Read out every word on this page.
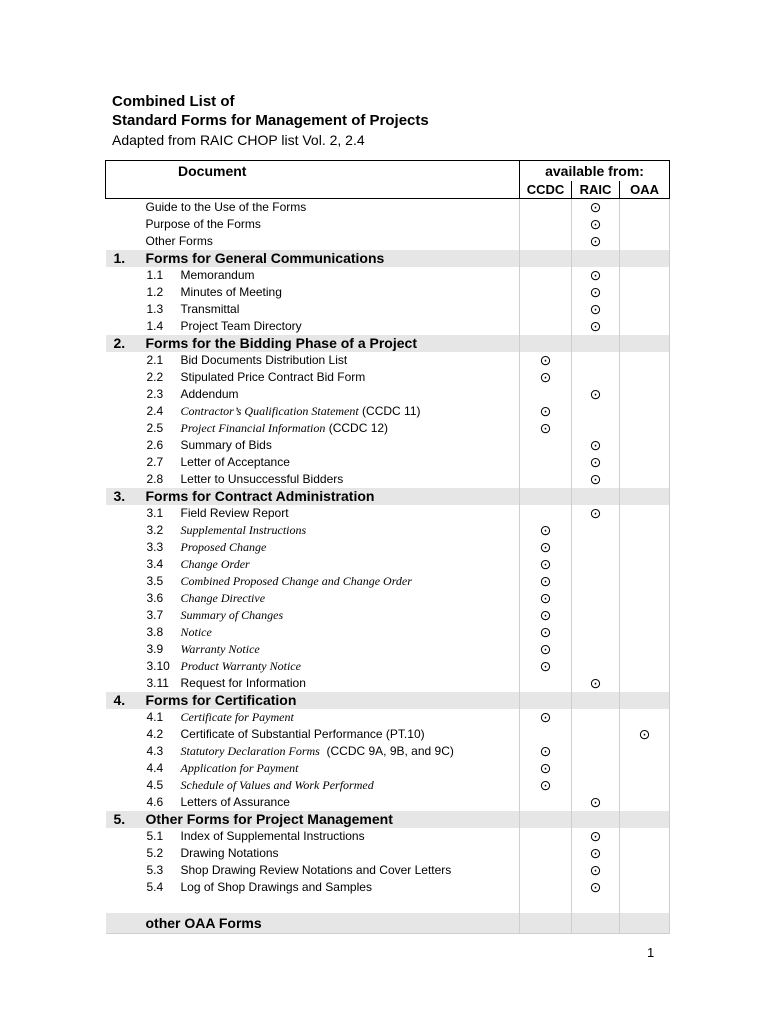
Combined List of
Standard Forms for Management of Projects
Adapted from RAIC CHOP list Vol. 2, 2.4
Document		available from:		
		CCDC	RAIC	OAA
	Guide to the Use of the Forms		⊙	
	Purpose of the Forms		⊙	
	Other Forms		⊙	
1.	Forms for General Communications			
	1.1 Memorandum		⊙	
	1.2 Minutes of Meeting		⊙	
	1.3 Transmittal		⊙	
	1.4 Project Team Directory		⊙	
2.	Forms for the Bidding Phase of a Project			
	2.1 Bid Documents Distribution List	⊙		
	2.2 Stipulated Price Contract Bid Form	⊙		
	2.3 Addendum		⊙	
	2.4 Contractor’s Qualification Statement (CCDC 11)	⊙		
	2.5 Project Financial Information (CCDC 12)	⊙		
	2.6 Summary of Bids		⊙	
	2.7 Letter of Acceptance		⊙	
	2.8 Letter to Unsuccessful Bidders		⊙	
3.	Forms for Contract Administration			
	3.1 Field Review Report		⊙	
	3.2 Supplemental Instructions	⊙		
	3.3 Proposed Change	⊙		
	3.4 Change Order	⊙		
	3.5 Combined Proposed Change and Change Order	⊙		
	3.6 Change Directive	⊙		
	3.7 Summary of Changes	⊙		
	3.8 Notice	⊙		
	3.9 Warranty Notice	⊙		
	3.10 Product Warranty Notice	⊙		
	3.11 Request for Information		⊙	
4.	Forms for Certification			
	4.1 Certificate for Payment	⊙		
	4.2 Certificate of Substantial Performance (PT.10)			⊙
	4.3 Statutory Declaration Forms  (CCDC 9A, 9B, and 9C)	⊙		
	4.4 Application for Payment	⊙		
	4.5 Schedule of Values and Work Performed	⊙		
	4.6 Letters of Assurance		⊙	
5.	Other Forms for Project Management			
	5.1 Index of Supplemental Instructions		⊙	
	5.2 Drawing Notations		⊙	
	5.3 Shop Drawing Review Notations and Cover Letters		⊙	
	5.4 Log of Shop Drawings and Samples		⊙	

	other OAA Forms			
1
